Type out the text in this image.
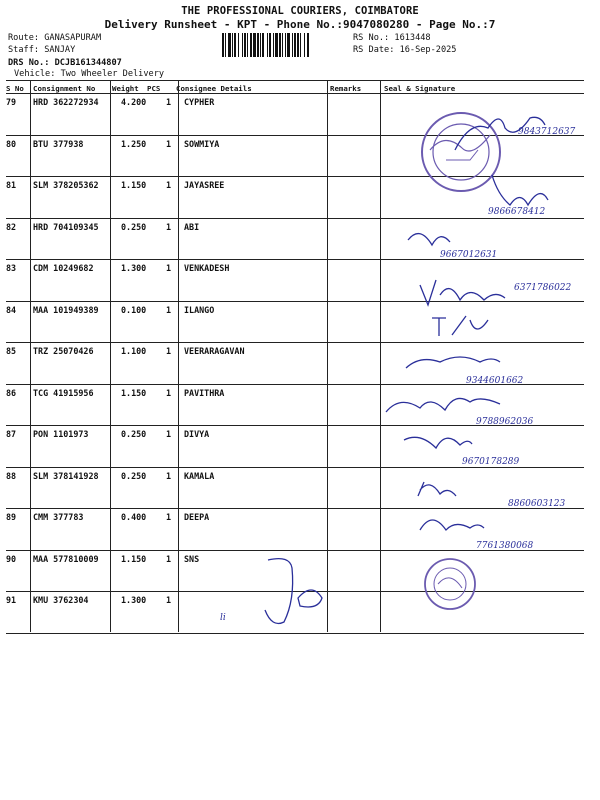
THE PROFESSIONAL COURIERS, COIMBATORE
Delivery Runsheet - KPT - Phone No.:9047080280 - Page No.:7
Route: GANASAPURAM
Staff: SANJAY
DRS No.: DCJB161344807
Vehicle: Two Wheeler Delivery
RS No.: 1613448
RS Date: 16-Sep-2025
S No Consignment No Weight PCS Consignee Details	Remarks	Seal & Signature
79 HRD 362272934	4.200 1 CYPHER
80 BTU 377938	1.250 1 SOWMIYA
81 SLM 378205362	1.150 1 JAYASREE
82 HRD 704109345	0.250 1 ABI
83 CDM 10249682	1.300 1 VENKADESH
84 MAA 101949389	0.100 1 ILANGO
85 TRZ 25070426	1.100 1 VEERARAGAVAN
86 TCG 41915956	1.150 1 PAVITHRA
87 PON 1101973	0.250 1 DIVYA
88 SLM 378141928	0.250 1 KAMALA
89 CMM 377783	0.400 1 DEEPA
90 MAA 577810009	1.150 1 SNS
91 KMU 3762304	1.300 1
9843712637
9866678412
9667012631
6371786022
9344601662
9788962036
9670178289
8860603123
7761380068
li
